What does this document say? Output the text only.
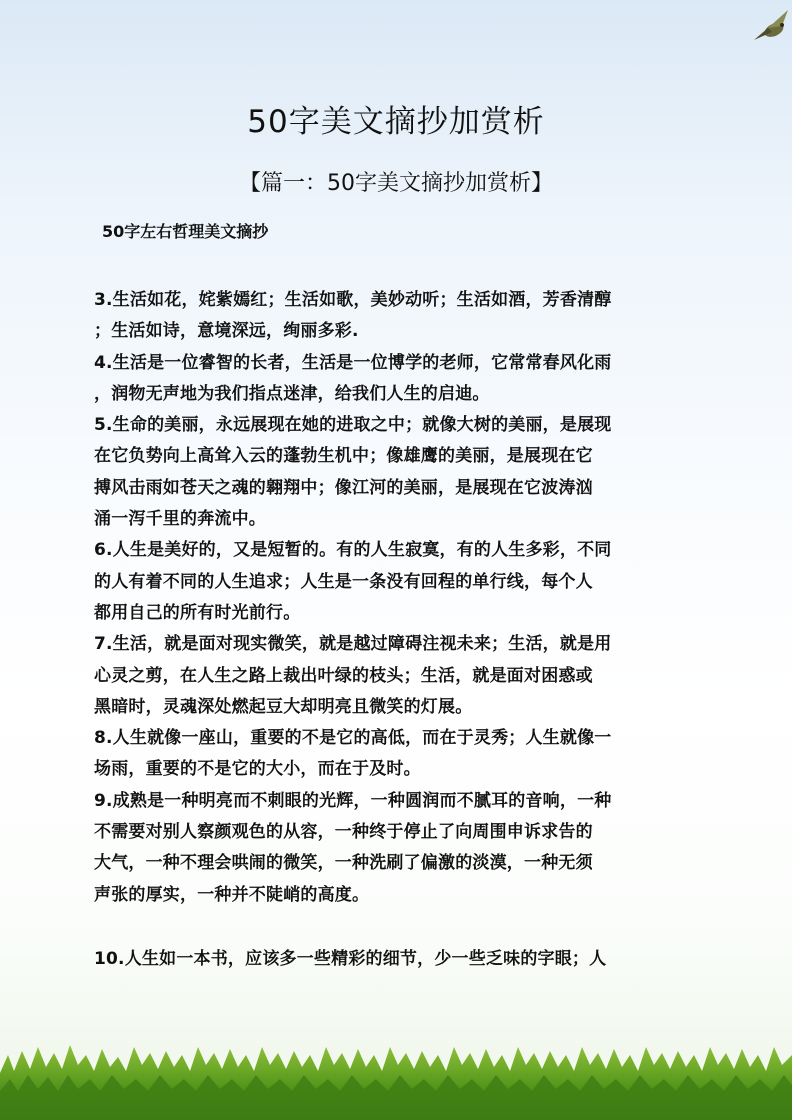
50字美文摘抄加赏析
【篇一：50字美文摘抄加赏析】
50字左右哲理美文摘抄

3.生活如花，姹紫嫣红；生活如歌，美妙动听；生活如酒，芳香清醇
；生活如诗，意境深远，绚丽多彩.

4.生活是一位睿智的长者，生活是一位博学的老师，它常常春风化雨
，润物无声地为我们指点迷津，给我们人生的启迪。

5.生命的美丽，永远展现在她的进取之中；就像大树的美丽，是展现
在它负势向上高耸入云的蓬勃生机中；像雄鹰的美丽，是展现在它
搏风击雨如苍天之魂的翱翔中；像江河的美丽，是展现在它波涛汹
涌一泻千里的奔流中。

6.人生是美好的，又是短暂的。有的人生寂寞，有的人生多彩，不同
的人有着不同的人生追求；人生是一条没有回程的单行线，每个人
都用自己的所有时光前行。

7.生活，就是面对现实微笑，就是越过障碍注视未来；生活，就是用
心灵之剪，在人生之路上裁出叶绿的枝头；生活，就是面对困惑或
黑暗时，灵魂深处燃起豆大却明亮且微笑的灯展。

8.人生就像一座山，重要的不是它的高低，而在于灵秀；人生就像一
场雨，重要的不是它的大小，而在于及时。

9.成熟是一种明亮而不刺眼的光辉，一种圆润而不腻耳的音响，一种
不需要对别人察颜观色的从容，一种终于停止了向周围申诉求告的
大气，一种不理会哄闹的微笑，一种洗刷了偏激的淡漠，一种无须
声张的厚实，一种并不陡峭的高度。

10.人生如一本书，应该多一些精彩的细节，少一些乏味的字眼；人
